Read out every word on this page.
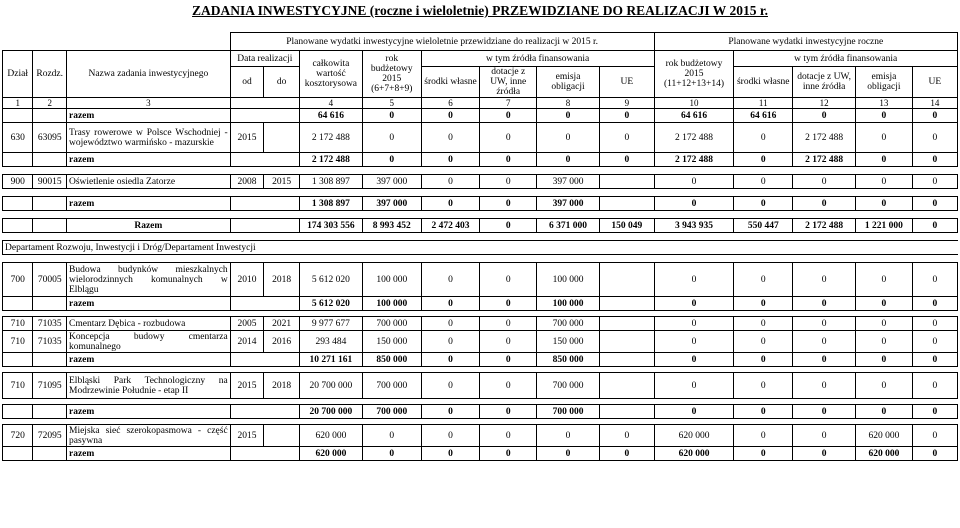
ZADANIA INWESTYCYJNE (roczne i wieloletnie) PRZEWIDZIANE DO REALIZACJI W 2015 r.
			Planowane wydatki inwestycyjne wieloletnie przewidziane do realizacji w 2015 r.								Planowane wydatki inwestycyjne roczne				
Dział	Rozdz.	Nazwa zadania inwestycyjnego	Data realizacji		całkowita wartość kosztorysowa	rok budżetowy 2015 (6+7+8+9)	w tym źródła finansowania				rok budżetowy 2015 (11+12+13+14)	w tym źródła finansowania			
			od	do			środki własne	dotacje z UW, inne źródła	emisja obligacji	UE		środki własne	dotacje z UW, inne źródła	emisja obligacji	UE

1	2	3			4	5	6	7	8	9	10	11	12	13	14
		razem			64 616	0	0	0	0	0	64 616	64 616	0	0	0
630	63095	Trasy rowerowe w Polsce Wschodniej - województwo warmińsko - mazurskie	2015		2 172 488	0	0	0	0	0	2 172 488	0	2 172 488	0	0
		razem			2 172 488	0	0	0	0	0	2 172 488	0	2 172 488	0	0

900	90015	Oświetlenie osiedla Zatorze	2008	2015	1 308 897	397 000	0	0	397 000		0	0	0	0	0

		razem			1 308 897	397 000	0	0	397 000		0	0	0	0	0

		Razem			174 303 556	8 993 452	2 472 403	0	6 371 000	150 049	3 943 935	550 447	2 172 488	1 221 000	0

Departament Rozwoju, Inwestycji i Dróg/Departament Inwestycji															

700	70005	Budowa budynków mieszkalnych wielorodzinnych komunalnych w Elblągu	2010	2018	5 612 020	100 000	0	0	100 000		0	0	0	0	0
		razem			5 612 020	100 000	0	0	100 000		0	0	0	0	0

710	71035	Cmentarz Dębica - rozbudowa	2005	2021	9 977 677	700 000	0	0	700 000		0	0	0	0	0
710	71035	Koncepcja budowy cmentarza komunalnego	2014	2016	293 484	150 000	0	0	150 000		0	0	0	0	0
		razem			10 271 161	850 000	0	0	850 000		0	0	0	0	0

710	71095	Elbląski Park Technologiczny na Modrzewinie Południe - etap II	2015	2018	20 700 000	700 000	0	0	700 000		0	0	0	0	0

		razem			20 700 000	700 000	0	0	700 000		0	0	0	0	0

720	72095	Miejska sieć szerokopasmowa - część pasywna	2015		620 000	0	0	0	0	0	620 000	0	0	620 000	0
		razem			620 000	0	0	0	0	0	620 000	0	0	620 000	0
